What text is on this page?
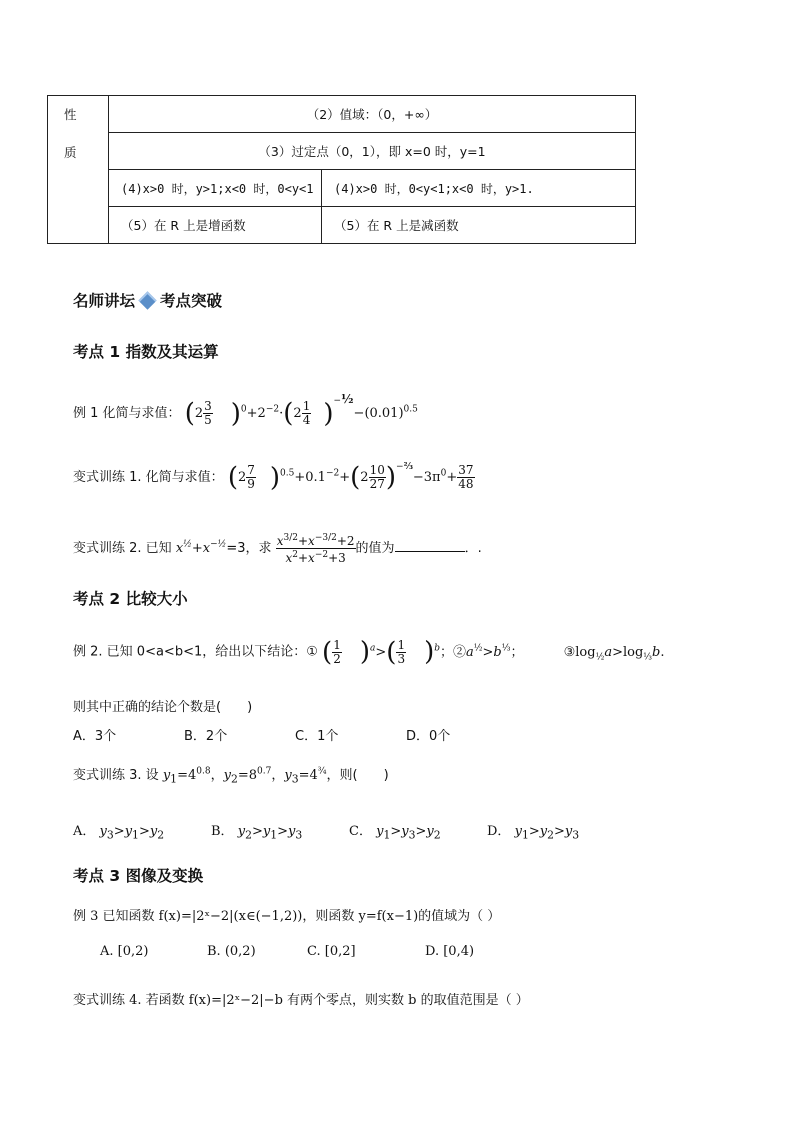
性
质	（2）值域：（0，+∞）	
	（3）过定点（0，1），即 x=0 时，y=1	
	(4)x>0 时，y>1;x<0 时，0<y<1	(4)x>0 时，0<y<1;x<0 时，y>1.
	（5）在 R 上是增函数	（5）在 R 上是减函数
名师讲坛 考点突破
考点 1 指数及其运算
例 1 化简与求值： $(2 \frac{3}{5} )^0+2^{-2}\cdot(2 \frac{1}{4} )^{-\frac{1}{2}}-(0.01)^{0.5}$
变式训练 1. 化简与求值： $(2 \frac{7}{9} )^{0.5}+0.1^{-2}+(2 \frac{10}{27} )^{-\frac{2}{3}}-3\pi^0+ \frac{37}{48}$
变式训练 2. 已知 $x^{\frac{1}{2}}+x^{-\frac{1}{2}}=3$，求 $\frac{x^{3/2}+x^{-3/2}+2}{x^2+x^{-2}+3}$ 的值为	．.
考点 2 比较大小
例 2. 已知 0<a<b<1，给出以下结论：① ( $\frac{1}{2} )^a>( \frac{1}{3} )^b$；$②a^{\frac{1}{2}}>b^{\frac{1}{3}}$；	$③\log_{\frac{1}{2}}a>\log_{\frac{1}{3}}b$.
则其中正确的结论个数是(　　)
A．3个	B．2个	C．1个	D．0个
变式训练 3. 设 $y_1=4^{0.8}$，$y_2=8^{0.7}$，$y_3=4^{\frac{3}{4}}$，则(　　)
A． $y_3>y_1>y_2$	B． $y_2>y_1>y_3$	C． $y_1>y_3>y_2$	D． $y_1>y_2>y_3$
考点 3 图像及变换
例 3 已知函数 f(x)=|2ˣ−2|(x∈(−1,2))，则函数 y=f(x−1)的值域为（ ）
A. [0,2)	B. (0,2)	C. [0,2]	D. [0,4)
变式训练 4. 若函数 f(x)=|2ˣ−2|−b 有两个零点，则实数 b 的取值范围是（ ）
